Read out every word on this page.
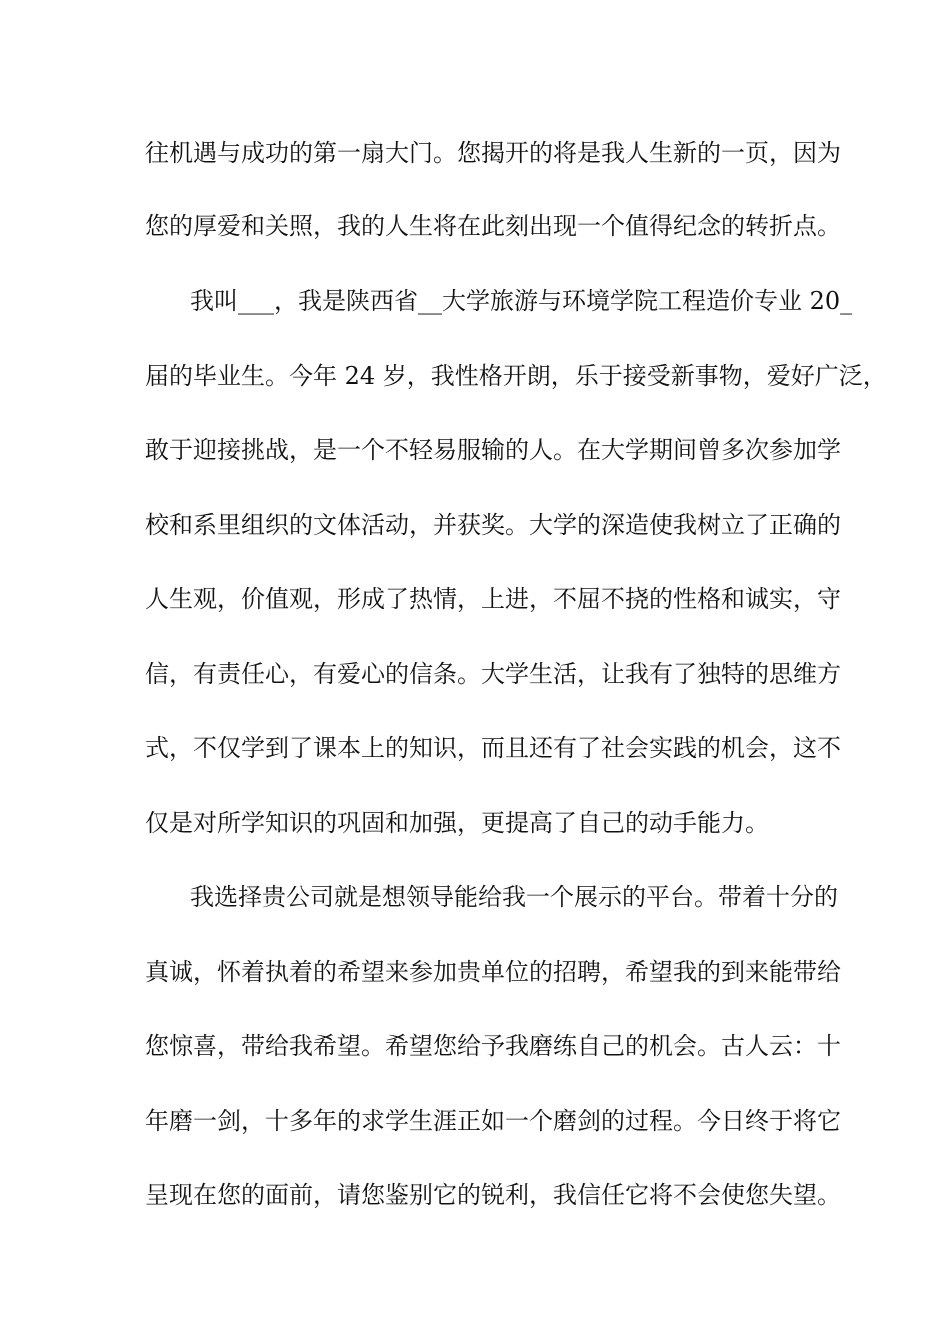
往机遇与成功的第一扇大门。您揭开的将是我人生新的一页，因为

您的厚爱和关照，我的人生将在此刻出现一个值得纪念的转折点。

我叫___，我是陕西省__大学旅游与环境学院工程造价专业 20_

届的毕业生。今年 24 岁，我性格开朗，乐于接受新事物，爱好广泛，

敢于迎接挑战，是一个不轻易服输的人。在大学期间曾多次参加学

校和系里组织的文体活动，并获奖。大学的深造使我树立了正确的

人生观，价值观，形成了热情，上进，不屈不挠的性格和诚实，守

信，有责任心，有爱心的信条。大学生活，让我有了独特的思维方

式，不仅学到了课本上的知识，而且还有了社会实践的机会，这不

仅是对所学知识的巩固和加强，更提高了自己的动手能力。

我选择贵公司就是想领导能给我一个展示的平台。带着十分的

真诚，怀着执着的希望来参加贵单位的招聘，希望我的到来能带给

您惊喜，带给我希望。希望您给予我磨练自己的机会。古人云：十

年磨一剑，十多年的求学生涯正如一个磨剑的过程。今日终于将它

呈现在您的面前，请您鉴别它的锐利，我信任它将不会使您失望。
